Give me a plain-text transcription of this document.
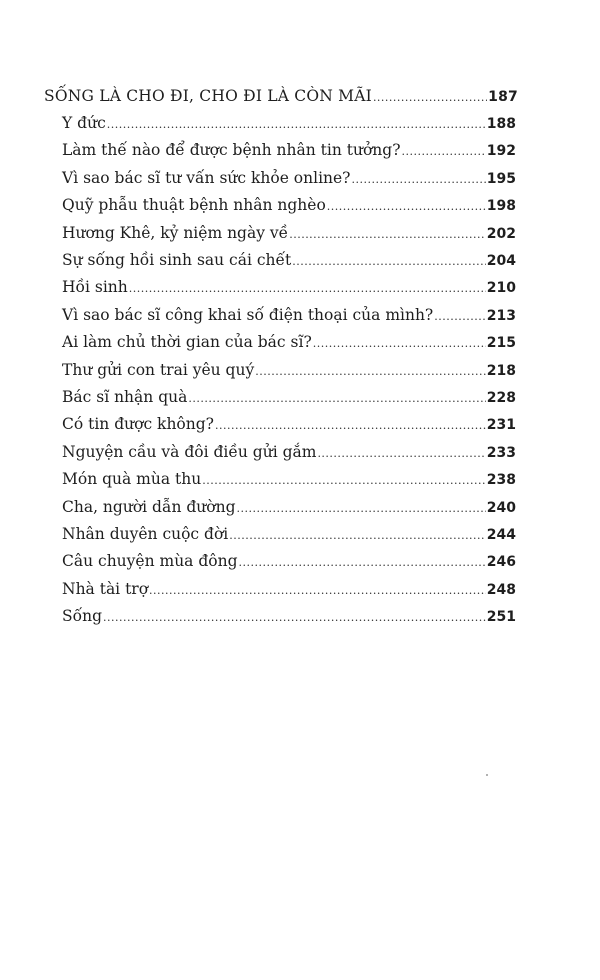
SỐNG LÀ CHO ĐI, CHO ĐI LÀ CÒN MÃI .....	187
Y đức .....	188
Làm thế nào để được bệnh nhân tin tưởng? .....	192
Vì sao bác sĩ tư vấn sức khỏe online? .....	195
Quỹ phẫu thuật bệnh nhân nghèo .....	198
Hương Khê, kỷ niệm ngày về .....	202
Sự sống hồi sinh sau cái chết .....	204
Hồi sinh .....	210
Vì sao bác sĩ công khai số điện thoại của mình? .....	213
Ai làm chủ thời gian của bác sĩ? .....	215
Thư gửi con trai yêu quý .....	218
Bác sĩ nhận quà .....	228
Có tin được không? .....	231
Nguyện cầu và đôi điều gửi gắm .....	233
Món quà mùa thu .....	238
Cha, người dẫn đường .....	240
Nhân duyên cuộc đời .....	244
Câu chuyện mùa đông .....	246
Nhà tài trợ .....	248
Sống .....	251
